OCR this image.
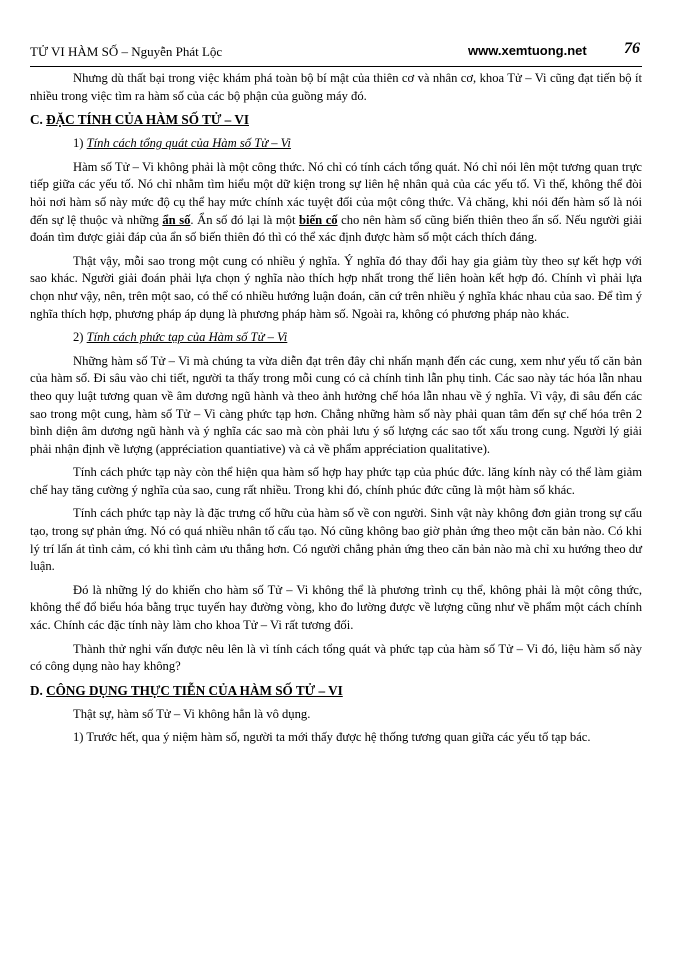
TỬ VI HÀM SỐ – Nguyễn Phát Lộc	www.xemtuong.net 76

Nhưng dù thất bại trong việc khám phá toàn bộ bí mật của thiên cơ và nhân cơ, khoa Tử – Vi cũng đạt tiến bộ ít nhiều trong việc tìm ra hàm số của các bộ phận của guồng máy đó.

C. ĐẶC TÍNH CỦA HÀM SỐ TỬ – VI

1) Tính cách tổng quát của Hàm số Tử – Vi

Hàm số Tử – Vi không phải là một công thức. Nó chỉ có tính cách tổng quát. Nó chỉ nói lên một tương quan trực tiếp giữa các yếu tố. Nó chỉ nhằm tìm hiểu một dữ kiện trong sự liên hệ nhân quả của các yếu tố. Vì thế, không thể đòi hỏi nơi hàm số này mức độ cụ thể hay mức chính xác tuyệt đối của một công thức. Vả chăng, khi nói đến hàm số là nói đến sự lệ thuộc và những ẩn số. Ẩn số đó lại là một biến cố cho nên hàm số cũng biến thiên theo ẩn số. Nếu người giải đoán tìm được giải đáp của ẩn số biến thiên đó thì có thể xác định được hàm số một cách thích đáng.

Thật vậy, mỗi sao trong một cung có nhiều ý nghĩa. Ý nghĩa đó thay đổi hay gia giảm tùy theo sự kết hợp với sao khác. Người giải đoán phải lựa chọn ý nghĩa nào thích hợp nhất trong thế liên hoàn kết hợp đó. Chính vì phải lựa chọn như vậy, nên, trên một sao, có thể có nhiều hướng luận đoán, căn cứ trên nhiều ý nghĩa khác nhau của sao. Để tìm ý nghĩa thích hợp, phương pháp áp dụng là phương pháp hàm số. Ngoài ra, không có phương pháp nào khác.

2) Tính cách phức tạp của Hàm số Tử – Vi

Những hàm số Tử – Vi mà chúng ta vừa diễn đạt trên đây chỉ nhấn mạnh đến các cung, xem như yếu tố căn bản của hàm số. Đi sâu vào chi tiết, người ta thấy trong mỗi cung có cả chính tinh lẫn phụ tinh. Các sao này tác hóa lẫn nhau theo quy luật tương quan về âm dương ngũ hành và theo ảnh hưởng chế hóa lẫn nhau về ý nghĩa. Vì vậy, đi sâu đến các sao trong một cung, hàm số Tử – Vi càng phức tạp hơn. Chẳng những hàm số này phải quan tâm đến sự chế hóa trên 2 bình diện âm dương ngũ hành và ý nghĩa các sao mà còn phải lưu ý số lượng các sao tốt xấu trong cung. Người lý giải phải nhận định về lượng (appréciation quantiative) và cả về phẩm appréciation qualitative).

Tính cách phức tạp này còn thể hiện qua hàm số hợp hay phức tạp của phúc đức. lăng kính này có thể làm giảm chế hay tăng cường ý nghĩa của sao, cung rất nhiều. Trong khi đó, chính phúc đức cũng là một hàm số khác.

Tính cách phức tạp này là đặc trưng cố hữu của hàm số về con người. Sinh vật này không đơn giản trong sự cấu tạo, trong sự phản ứng. Nó có quá nhiều nhân tố cấu tạo. Nó cũng không bao giờ phản ứng theo một căn bản nào. Có khi lý trí lấn át tình cảm, có khi tình cảm ưu thắng hơn. Có người chẳng phản ứng theo căn bản nào mà chỉ xu hướng theo dư luận.

Đó là những lý do khiến cho hàm số Tử – Vi không thể là phương trình cụ thể, không phải là một công thức, không thể đổ biểu hóa bằng trục tuyến hay đường vòng, kho đo lường được về lượng cũng như về phẩm một cách chính xác. Chính các đặc tính này làm cho khoa Tử – Vi rất tương đối.

Thành thử nghi vấn được nêu lên là vì tính cách tổng quát và phức tạp của hàm số Tử – Vi đó, liệu hàm số này có công dụng nào hay không?

D. CÔNG DỤNG THỰC TIỄN CỦA HÀM SỐ TỬ – VI

Thật sự, hàm số Tử – Vi không hẳn là vô dụng.

1) Trước hết, qua ý niệm hàm số, người ta mới thấy được hệ thống tương quan giữa các yếu tố tạp bác.
